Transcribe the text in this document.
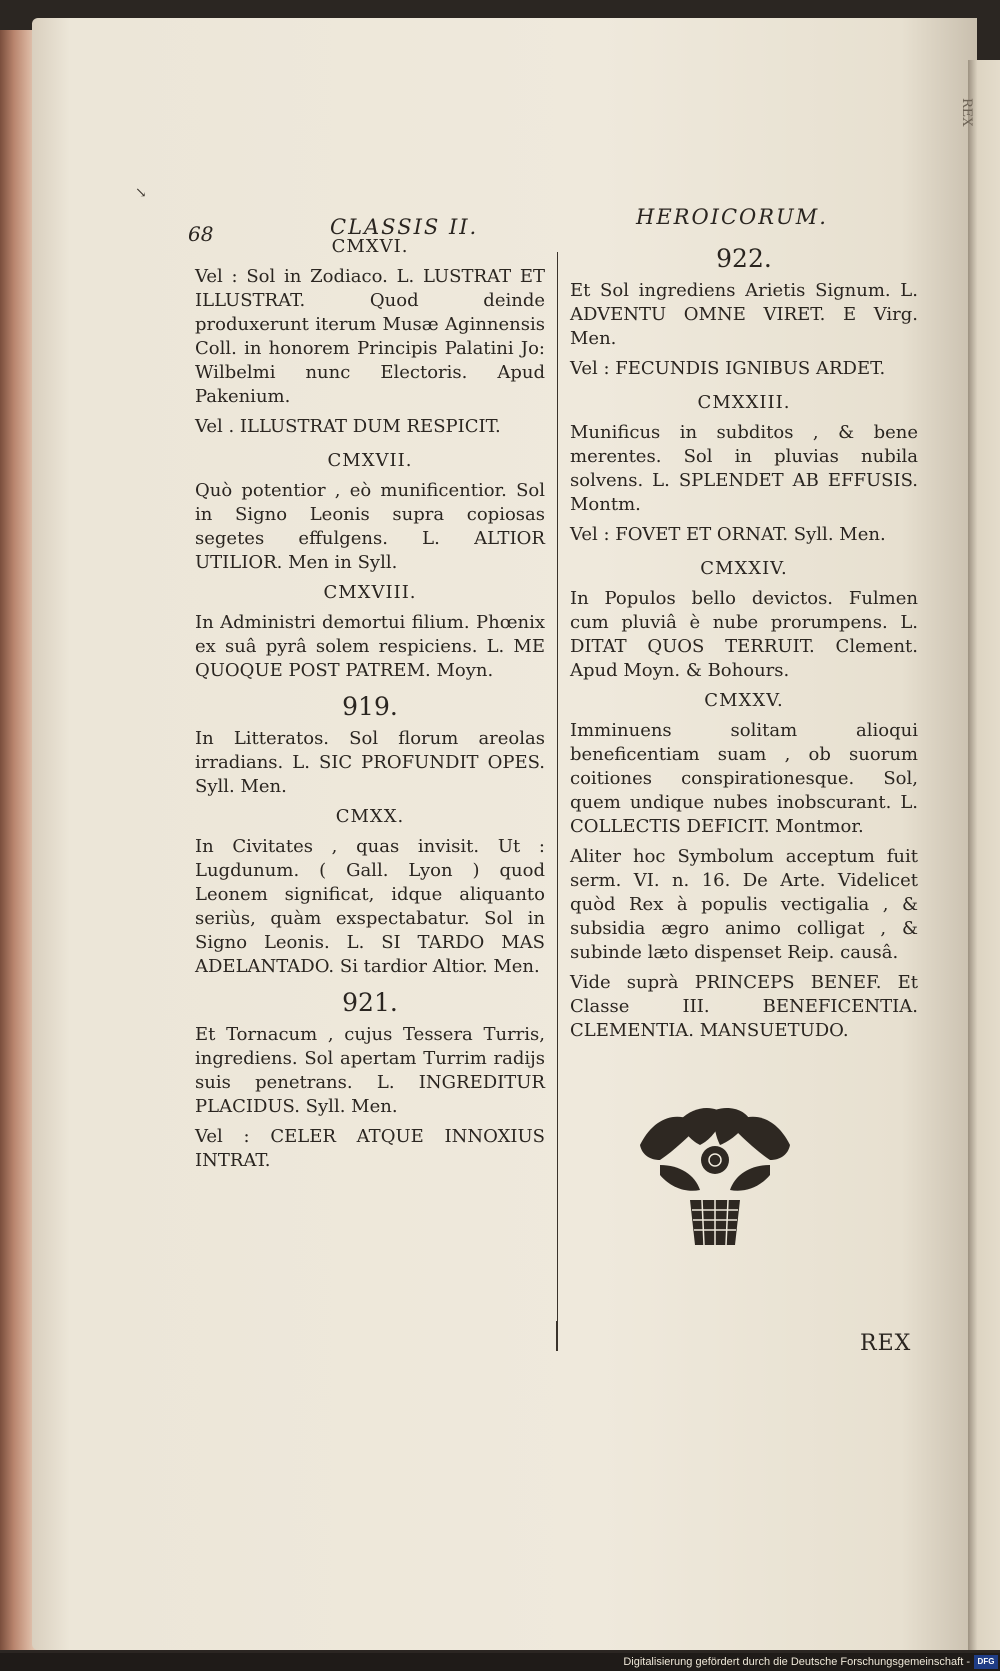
REX
↘
68	CLASSIS II.	HEROICORUM.
CMXVI.
Vel : Sol in Zodiaco. L. LUSTRAT ET ILLUSTRAT. Quod deinde produxerunt iterum Musæ Aginnensis Coll. in honorem Principis Palatini Jo: Wilbelmi nunc Electoris. Apud Pakenium.
Vel . ILLUSTRAT DUM RESPICIT.
CMXVII.
Quò potentior , eò munificentior. Sol in Signo Leonis supra copiosas segetes effulgens. L. ALTIOR UTILIOR. Men in Syll.
CMXVIII.
In Administri demortui filium. Phœnix ex suâ pyrâ solem respiciens. L. ME QUOQUE POST PATREM. Moyn.
919.
In Litteratos. Sol florum areolas irradians. L. SIC PROFUNDIT OPES. Syll. Men.
CMXX.
In Civitates , quas invisit. Ut : Lugdunum. ( Gall. Lyon ) quod Leonem significat, idque aliquanto seriùs, quàm exspectabatur. Sol in Signo Leonis. L. SI TARDO MAS ADELANTADO. Si tardior Altior. Men.
921.
Et Tornacum , cujus Tessera Turris, ingrediens. Sol apertam Turrim radijs suis penetrans. L. INGREDITUR PLACIDUS. Syll. Men.
Vel : CELER ATQUE INNOXIUS INTRAT.
922.
Et Sol ingrediens Arietis Signum. L. ADVENTU OMNE VIRET. E Virg. Men.
Vel : FECUNDIS IGNIBUS ARDET.
CMXXIII.
Munificus in subditos , & bene merentes. Sol in pluvias nubila solvens. L. SPLENDET AB EFFUSIS. Montm.
Vel : FOVET ET ORNAT. Syll. Men.
CMXXIV.
In Populos bello devictos. Fulmen cum pluviâ è nube prorumpens. L. DITAT QUOS TERRUIT. Clement. Apud Moyn. & Bohours.
CMXXV.
Imminuens solitam alioqui beneficentiam suam , ob suorum coitiones conspirationesque. Sol, quem undique nubes inobscurant. L. COLLECTIS DEFICIT. Montmor.
Aliter hoc Symbolum acceptum fuit serm. VI. n. 16. De Arte. Videlicet quòd Rex à populis vectigalia , & subsidia ægro animo colligat , & subinde læto dispenset Reip. causâ.
Vide suprà PRINCEPS BENEF. Et Classe III. BENEFICENTIA. CLEMENTIA. MANSUETUDO.
REX
Digitalisierung gefördert durch die Deutsche Forschungsgemeinschaft - DFG
